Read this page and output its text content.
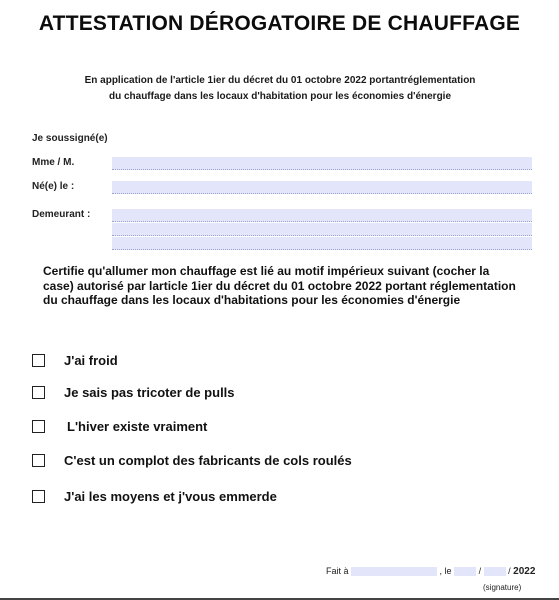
ATTESTATION DÉROGATOIRE DE CHAUFFAGE
En application de l'article 1ier du décret du 01 octobre 2022 portantréglementation
du chauffage dans les locaux d'habitation pour les économies d'énergie
Je soussigné(e)
Mme / M.
Né(e) le :
Demeurant :
Certifie qu'allumer mon chauffage est lié au motif impérieux suivant (cocher la case) autorisé par larticle 1ier du décret du 01 octobre 2022 portant réglementation du chauffage dans les locaux d'habitations pour les économies d'énergie
J'ai froid
Je sais pas tricoter de pulls
L'hiver existe vraiment
C'est un complot des fabricants de cols roulés
J'ai les moyens et j'vous emmerde
Fait à	, le	/	/ 2022
(signature)
